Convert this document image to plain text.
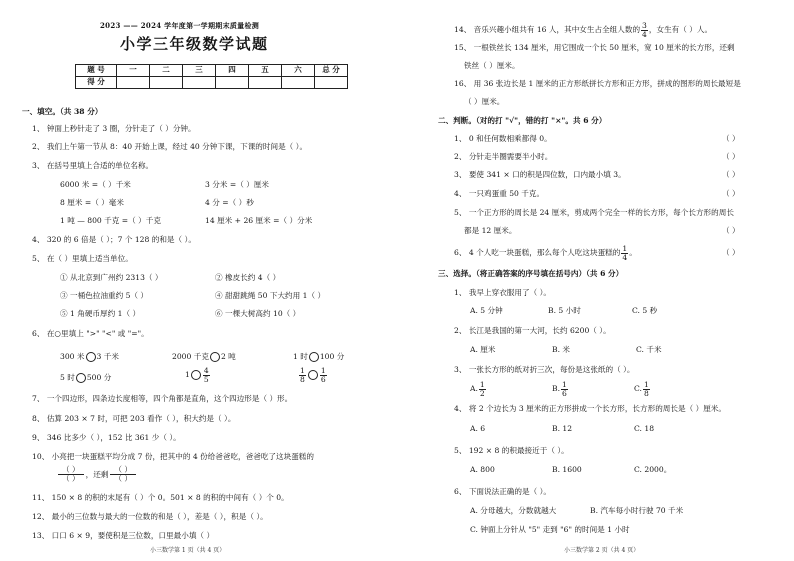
2023 —— 2024 学年度第一学期期末质量检测
小学三年级数学试题
题 号	一	二	三	四	五	六	总 分
得 分							
一、填空。（共 38 分）
1、 钟面上秒针走了 3 圈，分针走了（ ）分钟。
2、 我们上午第一节从 8：40 开始上课，经过 40 分钟下课，下课的时间是（ ）。
3、 在括号里填上合适的单位名称。
6000 米 =（ ）千米	3 分米 =（ ）厘米
8 厘米 =（ ）毫米	4 分 =（ ）秒
1 吨 — 800 千克 =（ ）千克	14 厘米 + 26 厘米 =（ ）分米
4、 320 的 6 倍是（ ）；7 个 128 的和是（ ）。
5、 在（ ）里填上适当单位。
① 从北京到广州约 2313（ ）	② 橡皮长约 4（ ）
③ 一桶色拉油重约 5（ ）	④ 甜甜跳绳 50 下大约用 1（ ）
⑤ 1 角硬币厚约 1（ ）	⑥ 一棵大树高约 10（ ）
6、 在○里填上 ">" "<" 或 "="。
300 米 3 千米	2000 千克 2 吨	1 时 100 分
5 时 500 分	$1 \frac{4}{5}$	$\frac{1}{8} \frac{1}{6}$
7、 一个四边形，四条边长度相等，四个角都是直角，这个四边形是（ ）形。
8、 估算 203 × 7 时，可把 203 看作（ ），积大约是（ ）。
9、 346 比多少（ ），152 比 361 少（ ）。
10、 小亮把一块蛋糕平均分成 7 份，把其中的 4 份给爸爸吃，爸爸吃了这块蛋糕的
$\frac{( )}{( )}$ ，还剩 $\frac{( )}{( )}$
11、 150 × 8 的积的末尾有（ ）个 0。501 × 8 的积的中间有（ ）个 0。
12、 最小的三位数与最大的一位数的和是（ ），差是（ ），积是（ ）。
13、 口口 6 × 9，要使积是三位数，口里最小填（ ）
小三数学第 1 页（共 4 页）
14、 音乐兴趣小组共有 16 人，其中女生占全组人数的 $\frac{3}{4}$ ，女生有（ ）人。
15、 一根铁丝长 134 厘米，用它围成一个长 50 厘米，宽 10 厘米的长方形，还剩
铁丝（ ）厘米。
16、 用 36 张边长是 1 厘米的正方形纸拼长方形和正方形，拼成的图形的周长最短是
（ ）厘米。
二、判断。（对的打 "√"，错的打 "×"。共 6 分）
1、 0 和任何数相乘都得 0。	（ ）
2、 分针走半圈需要半小时。	（ ）
3、 要使 341 × 口的积是四位数，口内最小填 3。	（ ）
4、 一只鸡蛋重 50 千克。	（ ）
5、 一个正方形的周长是 24 厘米，剪成两个完全一样的长方形，每个长方形的周长
都是 12 厘米。	（ ）
6、 4 个人吃一块蛋糕，那么每个人吃这块蛋糕的 $\frac{1}{4}$ 。	（ ）
三、选择。（将正确答案的序号填在括号内）（共 6 分）
1、 我早上穿衣服用了（ ）。
A. 5 分钟	B. 5 小时	C. 5 秒
2、 长江是我国的第一大河，长约 6200（ ）。
A. 厘米	B. 米	C. 千米
3、 一张长方形的纸对折三次，每份是这张纸的（ ）。
A. $\frac{1}{2}$	B. $\frac{1}{6}$	C. $\frac{1}{8}$
4、 将 2 个边长为 3 厘米的正方形拼成一个长方形，长方形的周长是（ ）厘米。
A. 6	B. 12	C. 18
5、 192 × 8 的积最接近于（ ）。
A. 800	B. 1600	C. 2000。
6、 下面说法正确的是（ ）。
A. 分母越大，分数就越大	B. 汽车每小时行驶 70 千米
C. 钟面上分针从 "5" 走到 "6" 的时间是 1 小时
小三数学第 2 页（共 4 页）
